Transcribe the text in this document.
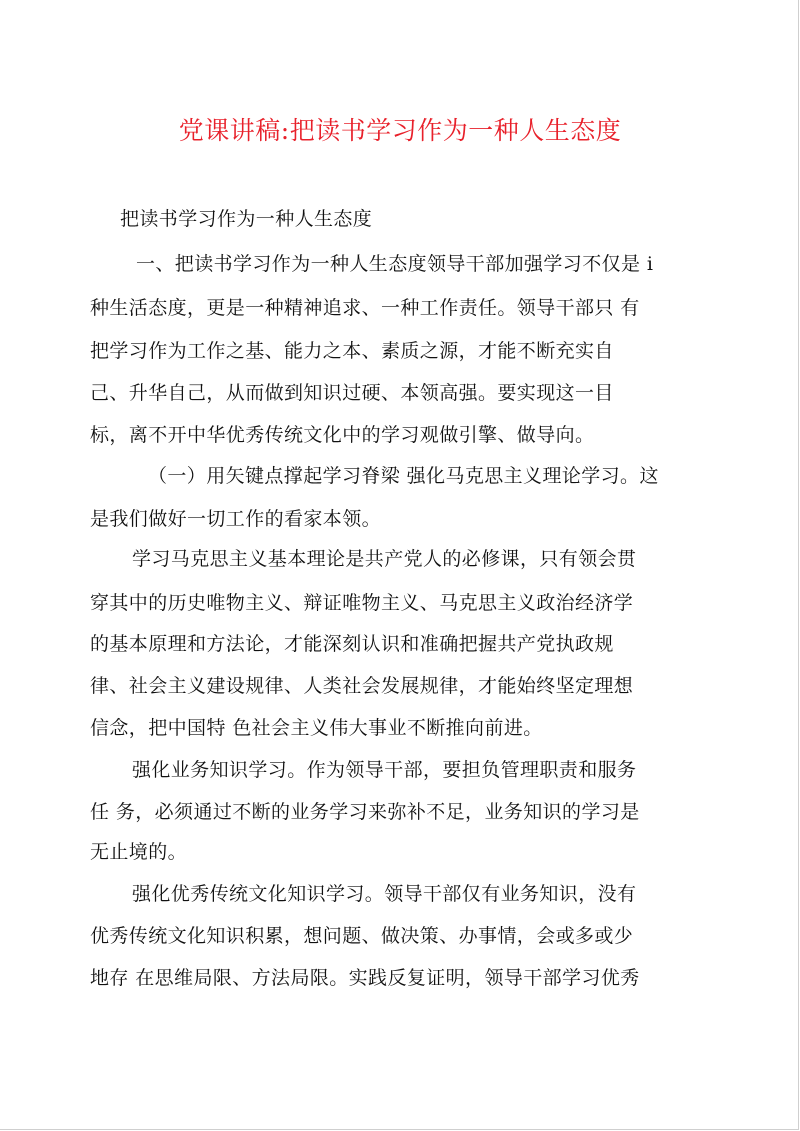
党课讲稿:把读书学习作为一种人生态度
把读书学习作为一种人生态度
一、把读书学习作为一种人生态度领导干部加强学习不仅是 i
种生活态度，更是一种精神追求、一种工作责任。领导干部只 有
把学习作为工作之基、能力之本、素质之源，才能不断充实自
己、升华自己，从而做到知识过硬、本领高强。要实现这一目
标，离不开中华优秀传统文化中的学习观做引擎、做导向。
（一）用矢键点撑起学习脊梁 强化马克思主义理论学习。这
是我们做好一切工作的看家本领。
学习马克思主义基本理论是共产党人的必修课，只有领会贯
穿其中的历史唯物主义、辩证唯物主义、马克思主义政治经济学
的基本原理和方法论，才能深刻认识和准确把握共产党执政规
律、社会主义建设规律、人类社会发展规律，才能始终坚定理想
信念，把中国特 色社会主义伟大事业不断推向前进。
强化业务知识学习。作为领导干部，要担负管理职责和服务
任 务，必须通过不断的业务学习来弥补不足，业务知识的学习是
无止境的。
强化优秀传统文化知识学习。领导干部仅有业务知识，没有
优秀传统文化知识积累，想问题、做决策、办事情，会或多或少
地存 在思维局限、方法局限。实践反复证明，领导干部学习优秀
